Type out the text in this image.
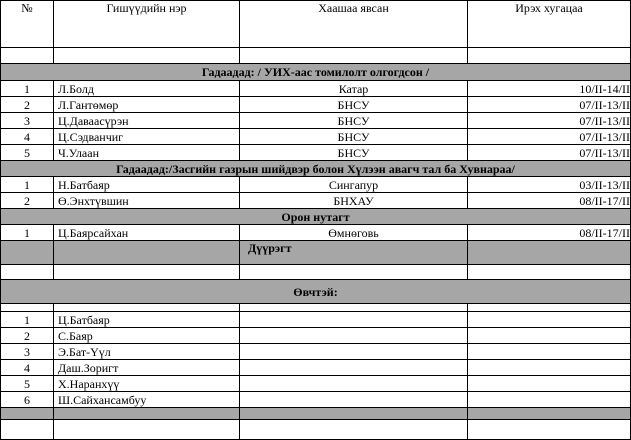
№	Гишүүдийн нэр	Хаашаа явсан	Ирэх хугацаа

Гадаадад: / УИХ-аас томилолт олгогдсон /			
1	Л.Болд	Катар	10/II-14/II
2	Л.Гантөмөр	БНСУ	07/II-13/II
3	Ц.Даваасүрэн	БНСУ	07/II-13/II
4	Ц.Сэдванчиг	БНСУ	07/II-13/II
5	Ч.Улаан	БНСУ	07/II-13/II
Гадаадад:/Засгийн газрын шийдвэр болон Хүлээн авагч тал ба Хувнараа/			
1	Н.Батбаяр	Сингапур	03/II-13/II
2	Ө.Энхтүвшин	БНХАУ	08/II-17/II
Орон нутагт			
1	Ц.Баярсайхан	Өмнөговь	08/II-17/II
		Дүүрэгт	

Өвчтэй:			

1	Ц.Батбаяр		
2	С.Баяр		
3	Э.Бат-Үүл		
4	Даш.Зоригт		
5	Х.Наранхүү		
6	Ш.Сайханcамбуу		
